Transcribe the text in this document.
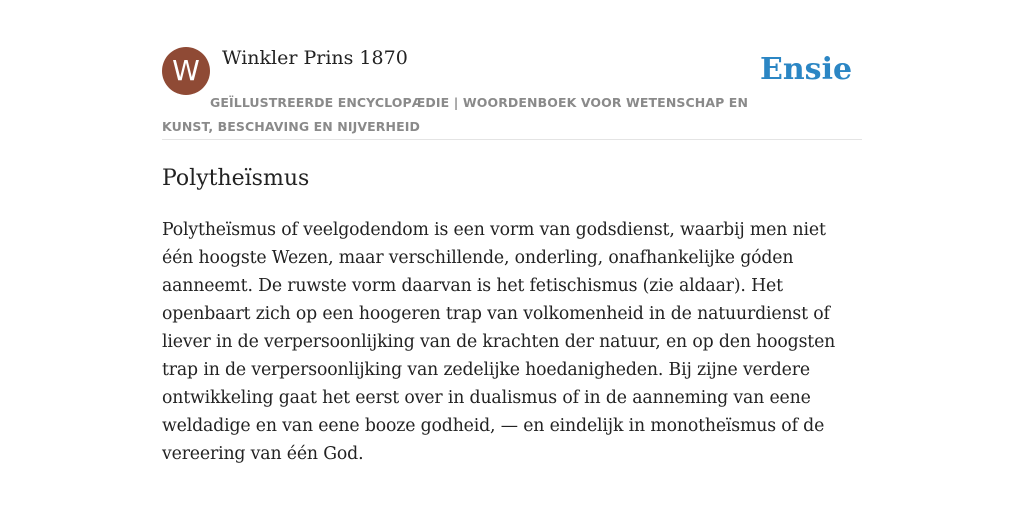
W	Winkler Prins 1870	Ensie
GEÏLLUSTREERDE ENCYCLOPÆDIE | WOORDENBOEK VOOR WETENSCHAP EN KUNST, BESCHAVING EN NIJVERHEID
Polytheïsmus

Polytheïsmus of veelgodendom is een vorm van godsdienst, waarbij men niet één hoogste Wezen, maar verschillende, onderling, onafhankelijke góden aanneemt. De ruwste vorm daarvan is het fetischismus (zie aldaar). Het openbaart zich op een hoogeren trap van volkomenheid in de natuurdienst of liever in de verpersoonlijking van de krachten der natuur, en op den hoogsten trap in de verpersoonlijking van zedelijke hoedanigheden. Bij zijne verdere ontwikkeling gaat het eerst over in dualismus of in de aanneming van eene weldadige en van eene booze godheid, — en eindelijk in monotheïsmus of de vereering van één God.
